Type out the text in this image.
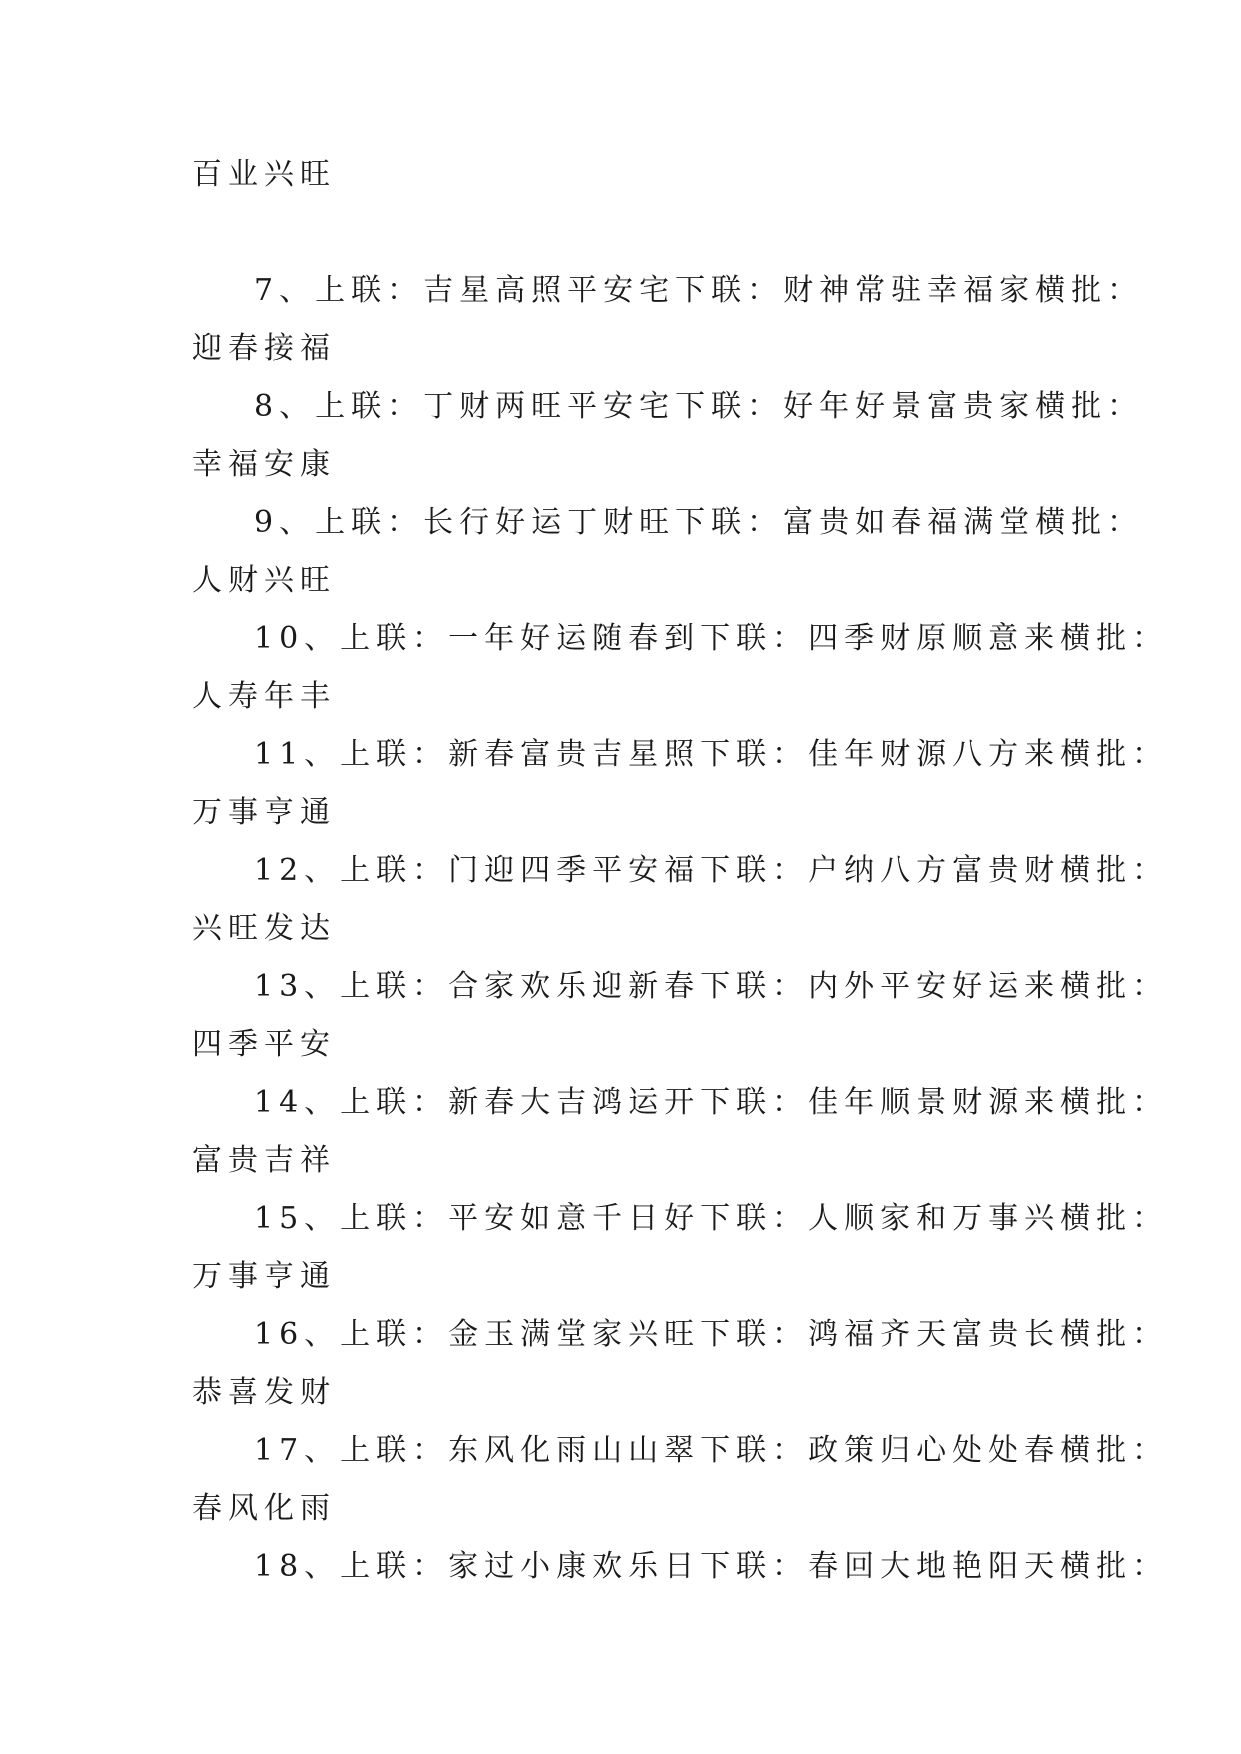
百业兴旺
7、上联：吉星高照平安宅下联：财神常驻幸福家横批：
迎春接福
8、上联：丁财两旺平安宅下联：好年好景富贵家横批：
幸福安康
9、上联：长行好运丁财旺下联：富贵如春福满堂横批：
人财兴旺
10、上联：一年好运随春到下联：四季财原顺意来横批：
人寿年丰
11、上联：新春富贵吉星照下联：佳年财源八方来横批：
万事亨通
12、上联：门迎四季平安福下联：户纳八方富贵财横批：
兴旺发达
13、上联：合家欢乐迎新春下联：内外平安好运来横批：
四季平安
14、上联：新春大吉鸿运开下联：佳年顺景财源来横批：
富贵吉祥
15、上联：平安如意千日好下联：人顺家和万事兴横批：
万事亨通
16、上联：金玉满堂家兴旺下联：鸿福齐天富贵长横批：
恭喜发财
17、上联：东风化雨山山翠下联：政策归心处处春横批：
春风化雨
18、上联：家过小康欢乐日下联：春回大地艳阳天横批：
